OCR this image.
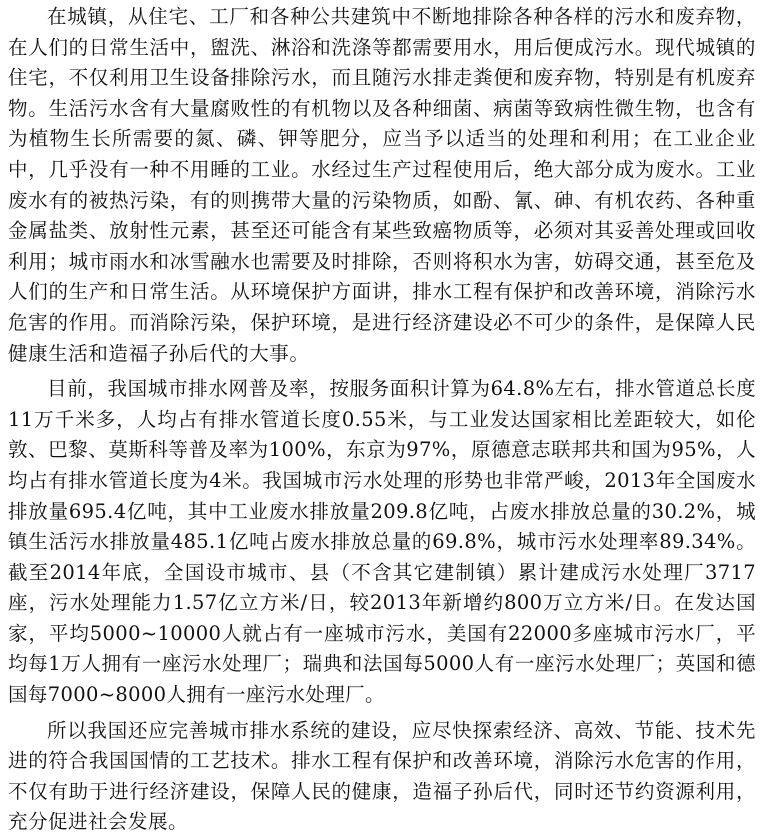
在城镇，从住宅、工厂和各种公共建筑中不断地排除各种各样的污水和废弃物，在人们的日常生活中，盥洗、淋浴和洗涤等都需要用水，用后便成污水。现代城镇的住宅，不仅利用卫生设备排除污水，而且随污水排走粪便和废弃物，特别是有机废弃物。生活污水含有大量腐败性的有机物以及各种细菌、病菌等致病性微生物，也含有为植物生长所需要的氮、磷、钾等肥分，应当予以适当的处理和利用；在工业企业中，几乎没有一种不用睡的工业。水经过生产过程使用后，绝大部分成为废水。工业废水有的被热污染，有的则携带大量的污染物质，如酚、氰、砷、有机农药、各种重金属盐类、放射性元素，甚至还可能含有某些致癌物质等，必须对其妥善处理或回收利用；城市雨水和冰雪融水也需要及时排除，否则将积水为害，妨碍交通，甚至危及人们的生产和日常生活。从环境保护方面讲，排水工程有保护和改善环境，消除污水危害的作用。而消除污染，保护环境，是进行经济建设必不可少的条件，是保障人民健康生活和造福子孙后代的大事。

目前，我国城市排水网普及率，按服务面积计算为64.8%左右，排水管道总长度11万千米多，人均占有排水管道长度0.55米，与工业发达国家相比差距较大，如伦敦、巴黎、莫斯科等普及率为100%，东京为97%，原德意志联邦共和国为95%，人均占有排水管道长度为4米。我国城市污水处理的形势也非常严峻，2013年全国废水排放量695.4亿吨，其中工业废水排放量209.8亿吨，占废水排放总量的30.2%，城镇生活污水排放量485.1亿吨占废水排放总量的69.8%，城市污水处理率89.34%。截至2014年底，全国设市城市、县（不含其它建制镇）累计建成污水处理厂3717座，污水处理能力1.57亿立方米/日，较2013年新增约800万立方米/日。在发达国家，平均5000~10000人就占有一座城市污水，美国有22000多座城市污水厂，平均每1万人拥有一座污水处理厂；瑞典和法国每5000人有一座污水处理厂；英国和德国每7000~8000人拥有一座污水处理厂。

所以我国还应完善城市排水系统的建设，应尽快探索经济、高效、节能、技术先进的符合我国国情的工艺技术。排水工程有保护和改善环境，消除污水危害的作用，不仅有助于进行经济建设，保障人民的健康，造福子孙后代，同时还节约资源利用，充分促进社会发展。
